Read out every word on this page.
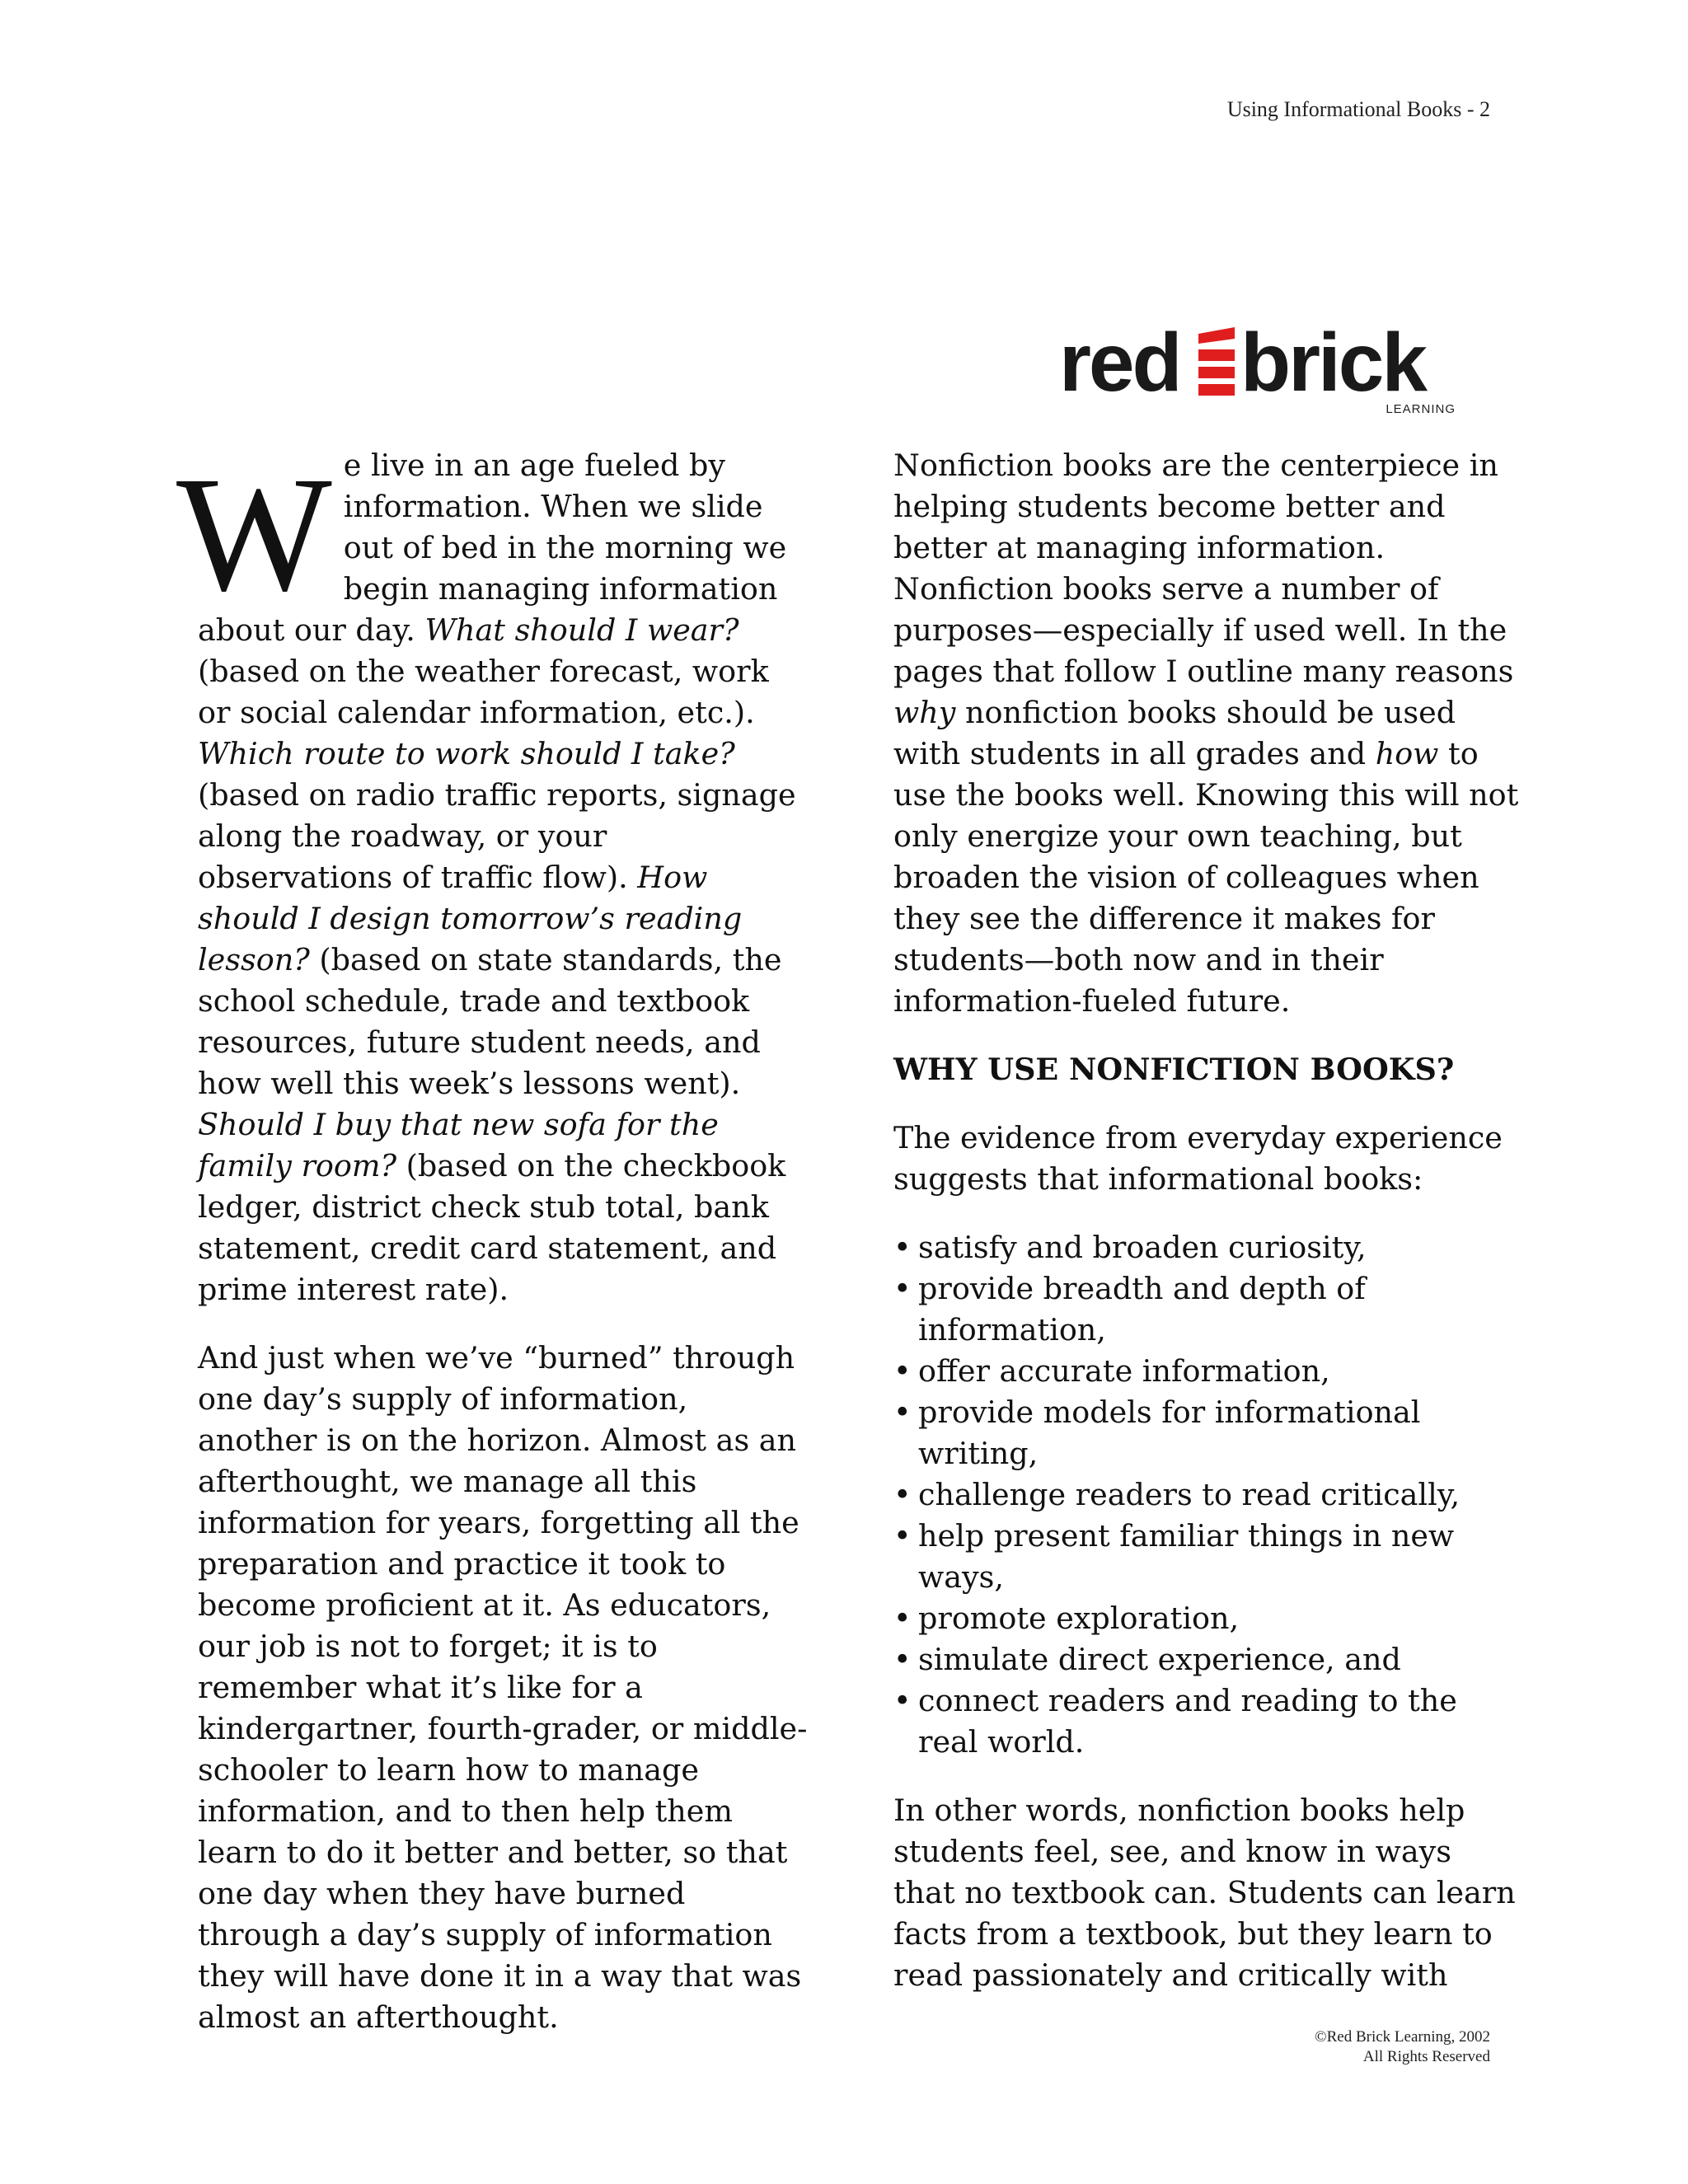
Using Informational Books - 2
red brick
LEARNING

We live in an age fueled by information. When we slide out of bed in the morning we begin managing information about our day. What should I wear? (based on the weather forecast, work or social calendar information, etc.). Which route to work should I take? (based on radio traffic reports, signage along the roadway, or your observations of traffic flow). How should I design tomorrow’s reading lesson? (based on state standards, the school schedule, trade and textbook resources, future student needs, and how well this week’s lessons went). Should I buy that new sofa for the family room? (based on the checkbook ledger, district check stub total, bank statement, credit card statement, and prime interest rate).

And just when we’ve “burned” through one day’s supply of information, another is on the horizon. Almost as an afterthought, we manage all this information for years, forgetting all the preparation and practice it took to become proficient at it. As educators, our job is not to forget; it is to remember what it’s like for a kindergartner, fourth-grader, or middle-schooler to learn how to manage information, and to then help them learn to do it better and better, so that one day when they have burned through a day’s supply of information they will have done it in a way that was almost an afterthought.

Nonfiction books are the centerpiece in helping students become better and better at managing information. Nonfiction books serve a number of purposes—especially if used well. In the pages that follow I outline many reasons why nonfiction books should be used with students in all grades and how to use the books well. Knowing this will not only energize your own teaching, but broaden the vision of colleagues when they see the difference it makes for students—both now and in their information-fueled future.

WHY USE NONFICTION BOOKS?

The evidence from everyday experience suggests that informational books:

• satisfy and broaden curiosity,
• provide breadth and depth of information,
• offer accurate information,
• provide models for informational writing,
• challenge readers to read critically,
• help present familiar things in new ways,
• promote exploration,
• simulate direct experience, and
• connect readers and reading to the real world.

In other words, nonfiction books help students feel, see, and know in ways that no textbook can. Students can learn facts from a textbook, but they learn to read passionately and critically with

©Red Brick Learning, 2002
All Rights Reserved
